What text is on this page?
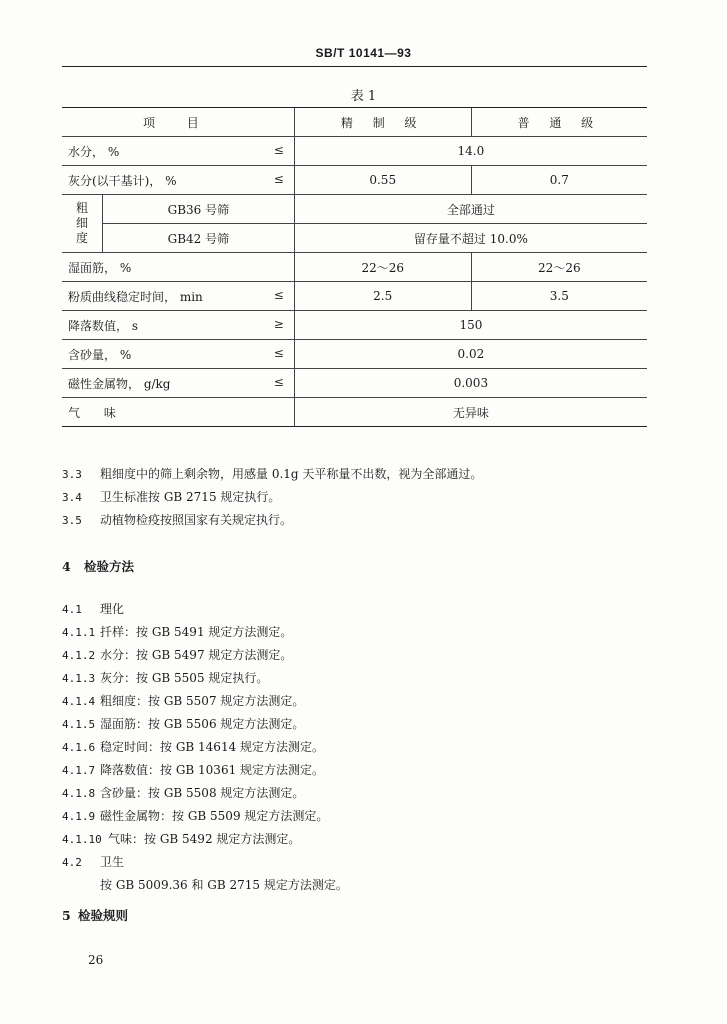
SB/T 10141—93
表 1
项 目		精 制 级	普 通 级
水分， % ≤		14.0	
灰分(以干基计)， % ≤		0.55	0.7

粗
细
度	GB36 号筛	全部通过	
	GB42 号筛	留存量不超过 10.0%	
湿面筋， %		22～26	22～26
粉质曲线稳定时间， min ≤		2.5	3.5
降落数值， s ≥		150	
含砂量， % ≤		0.02	
磁性金属物， g/kg ≤		0.003	
气 味		无异味	
3.3 粗细度中的筛上剩余物，用感量 0.1g 天平称量不出数，视为全部通过。
3.4 卫生标准按 GB 2715 规定执行。
3.5 动植物检疫按照国家有关规定执行。
4 检验方法
4.1 理化
4.1.1 扦样：按 GB 5491 规定方法测定。
4.1.2 水分：按 GB 5497 规定方法测定。
4.1.3 灰分：按 GB 5505 规定执行。
4.1.4 粗细度：按 GB 5507 规定方法测定。
4.1.5 湿面筋：按 GB 5506 规定方法测定。
4.1.6 稳定时间：按 GB 14614 规定方法测定。
4.1.7 降落数值：按 GB 10361 规定方法测定。
4.1.8 含砂量：按 GB 5508 规定方法测定。
4.1.9 磁性金属物：按 GB 5509 规定方法测定。
4.1.10 气味：按 GB 5492 规定方法测定。
4.2 卫生
按 GB 5009.36 和 GB 2715 规定方法测定。
5 检验规则
26
